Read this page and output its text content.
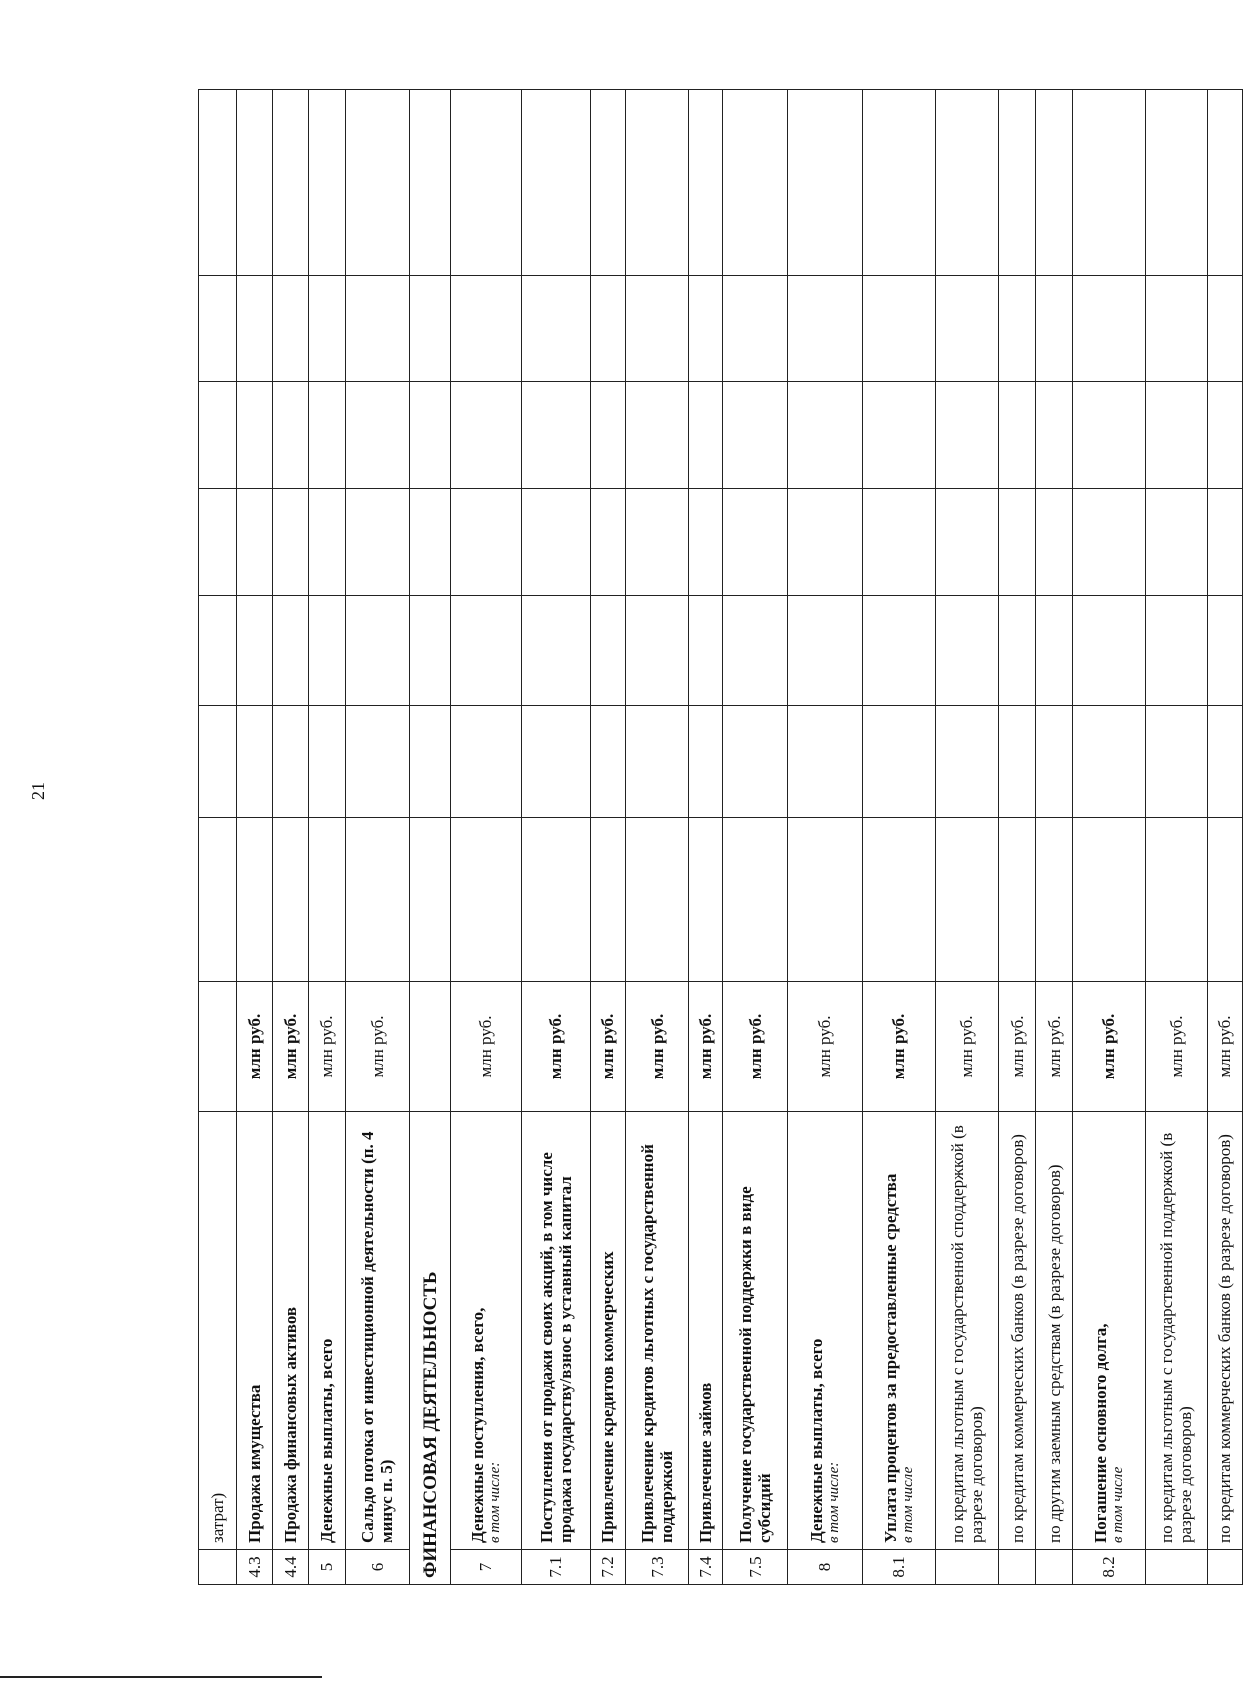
21
	затрат)								
4.3	Продажа имущества	млн руб.							
4.4	Продажа финансовых активов	млн руб.							
5	Денежные выплаты, всего	млн руб.							
6	Сальдо потока от инвестиционной деятельности (п. 4 минус п. 5)	млн руб.							
ФИНАНСОВАЯ ДЕЯТЕЛЬНОСТЬ									
7	Денежные поступления, всего, в том числе:	млн руб.							
7.1	Поступления от продажи своих акций, в том числе продажа государству/взнос в уставный капитал	млн руб.							
7.2	Привлечение кредитов коммерческих	млн руб.							
7.3	Привлечение кредитов льготных с государственной поддержкой	млн руб.							
7.4	Привлечение займов	млн руб.							
7.5	Получение государственной поддержки в виде субсидий	млн руб.							
8	Денежные выплаты, всего в том числе:	млн руб.							
8.1	Уплата процентов за предоставленные средства в том числе	млн руб.							
	по кредитам льготным с государственной споддержкой (в разрезе договоров)	млн руб.							
	по кредитам коммерческих банков (в разрезе договоров)	млн руб.							
	по другим заемным средствам (в разрезе договоров)	млн руб.							
8.2	Погашение основного долга, в том числе	млн руб.							
	по кредитам льготным с государственной поддержкой (в разрезе договоров)	млн руб.							
	по кредитам коммерческих банков (в разрезе договоров)	млн руб.							
